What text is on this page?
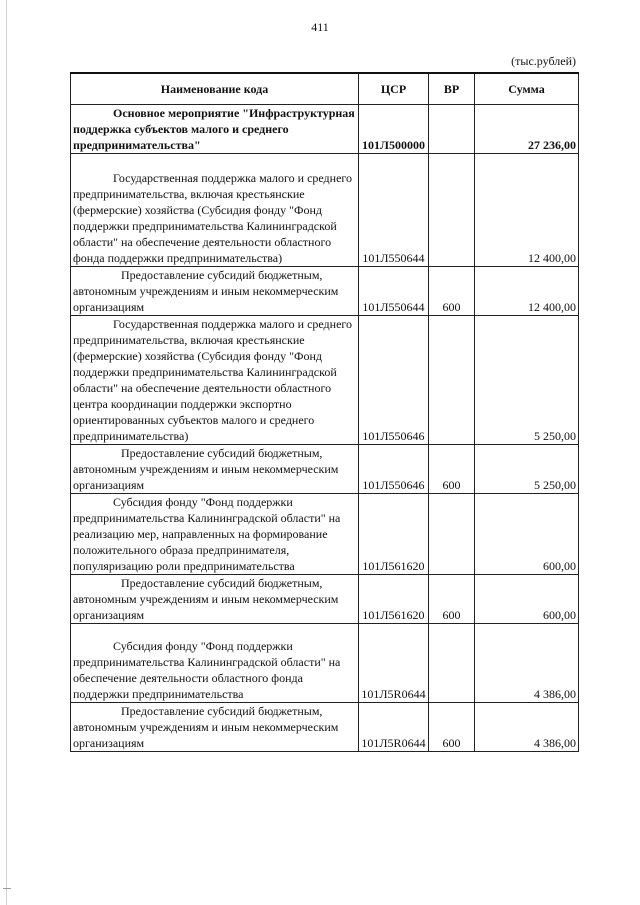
411
(тыс.рублей)
Наименование кода	ЦСР	ВР	Сумма

Основное мероприятие "Инфраструктурная поддержка субъектов малого и среднего предпринимательства"	101Л500000		27 236,00

Государственная поддержка малого и среднего предпринимательства, включая крестьянские (фермерские) хозяйства (Субсидия фонду "Фонд поддержки предпринимательства Калининградской области" на обеспечение деятельности областного фонда поддержки предпринимательства)	101Л550644		12 400,00

Предоставление субсидий бюджетным, автономным учреждениям и иным некоммерческим организациям	101Л550644	600	12 400,00

Государственная поддержка малого и среднего предпринимательства, включая крестьянские (фермерские) хозяйства (Субсидия фонду "Фонд поддержки предпринимательства Калининградской области" на обеспечение деятельности областного центра координации поддержки экспортно ориентированных субъектов малого и среднего предпринимательства)	101Л550646		5 250,00

Предоставление субсидий бюджетным, автономным учреждениям и иным некоммерческим организациям	101Л550646	600	5 250,00

Субсидия фонду "Фонд поддержки предпринимательства Калининградской области" на реализацию мер, направленных на формирование положительного образа предпринимателя, популяризацию роли предпринимательства	101Л561620		600,00

Предоставление субсидий бюджетным, автономным учреждениям и иным некоммерческим организациям	101Л561620	600	600,00

Субсидия фонду "Фонд поддержки предпринимательства Калининградской области" на обеспечение деятельности областного фонда поддержки предпринимательства	101Л5R0644		4 386,00

Предоставление субсидий бюджетным, автономным учреждениям и иным некоммерческим организациям	101Л5R0644	600	4 386,00
